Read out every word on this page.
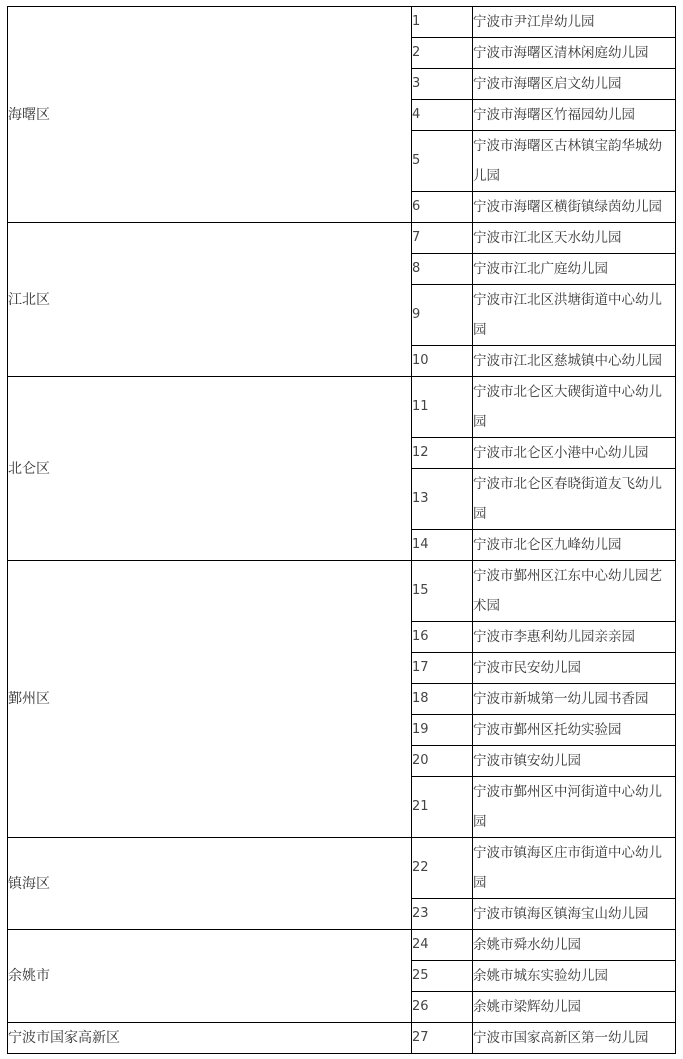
海曙区	1	宁波市尹江岸幼儿园
	2	宁波市海曙区清林闲庭幼儿园
	3	宁波市海曙区启文幼儿园
	4	宁波市海曙区竹福园幼儿园
	5	宁波市海曙区古林镇宝韵华城幼儿园
	6	宁波市海曙区横街镇绿茵幼儿园
江北区	7	宁波市江北区天水幼儿园
	8	宁波市江北广庭幼儿园
	9	宁波市江北区洪塘街道中心幼儿园
	10	宁波市江北区慈城镇中心幼儿园
北仑区	11	宁波市北仑区大碶街道中心幼儿园
	12	宁波市北仑区小港中心幼儿园
	13	宁波市北仑区春晓街道友飞幼儿园
	14	宁波市北仑区九峰幼儿园
鄞州区	15	宁波市鄞州区江东中心幼儿园艺术园
	16	宁波市李惠利幼儿园亲亲园
	17	宁波市民安幼儿园
	18	宁波市新城第一幼儿园书香园
	19	宁波市鄞州区托幼实验园
	20	宁波市镇安幼儿园
	21	宁波市鄞州区中河街道中心幼儿园
镇海区	22	宁波市镇海区庄市街道中心幼儿园
	23	宁波市镇海区镇海宝山幼儿园
余姚市	24	余姚市舜水幼儿园
	25	余姚市城东实验幼儿园
	26	余姚市梁辉幼儿园
宁波市国家高新区	27	宁波市国家高新区第一幼儿园
